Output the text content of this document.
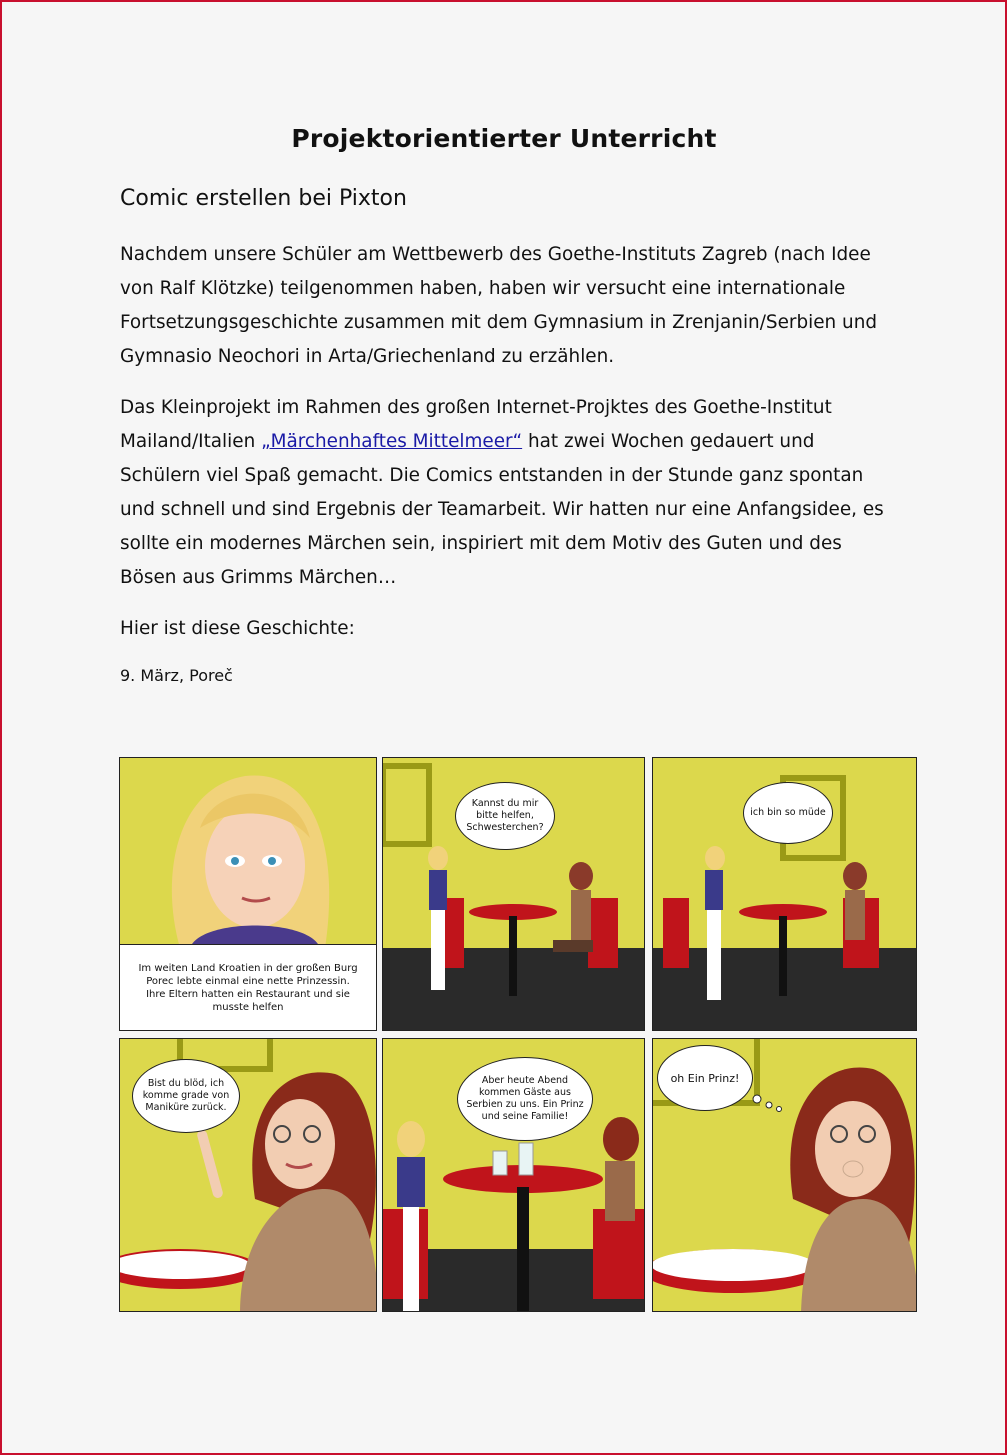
Projektorientierter Unterricht
Comic erstellen bei Pixton
Nachdem unsere Schüler am Wettbewerb des Goethe-Instituts Zagreb (nach Idee von Ralf Klötzke) teilgenommen haben, haben wir versucht eine internationale Fortsetzungsgeschichte zusammen mit dem Gymnasium in Zrenjanin/Serbien und Gymnasio Neochori in Arta/Griechenland zu erzählen.
Das Kleinprojekt im Rahmen des großen Internet-Projktes des Goethe-Institut Mailand/Italien „Märchenhaftes Mittelmeer“ hat zwei Wochen gedauert und Schülern viel Spaß gemacht. Die Comics entstanden in der Stunde ganz spontan und schnell und sind Ergebnis der Teamarbeit. Wir hatten nur eine Anfangsidee, es sollte ein modernes Märchen sein, inspiriert mit dem Motiv des Guten und des Bösen aus Grimms Märchen…
Hier ist diese Geschichte:
9. März, Poreč
Im weiten Land Kroatien in der großen Burg Porec lebte einmal eine nette Prinzessin. Ihre Eltern hatten ein Restaurant und sie musste helfen
Kannst du mir bitte helfen, Schwesterchen?
ich bin so müde
Bist du blöd, ich komme grade von Maniküre zurück.
Aber heute Abend kommen Gäste aus Serbien zu uns. Ein Prinz und seine Familie!
oh Ein Prinz!
